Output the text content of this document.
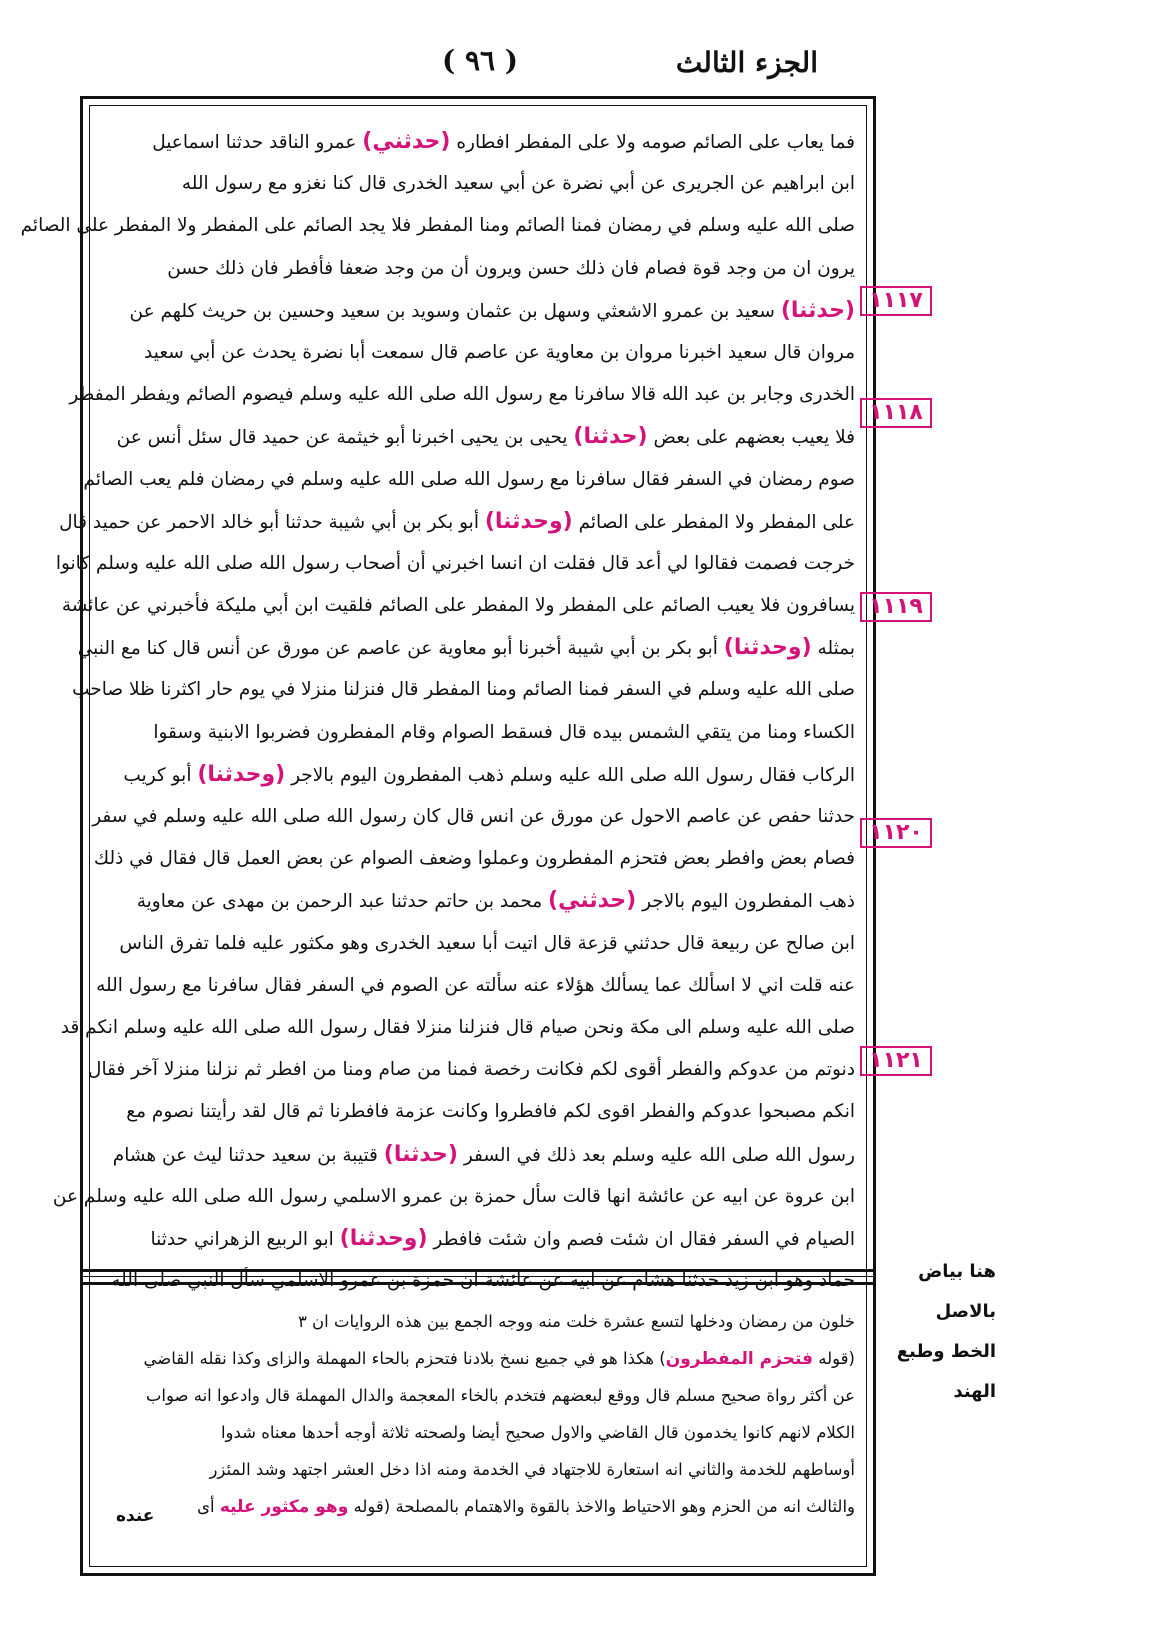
الجزء الثالث
( ٩٦ )
فما يعاب على الصائم صومه ولا على المفطر افطاره (حدثني) عمرو الناقد حدثنا اسماعيل
ابن ابراهيم عن الجريرى عن أبي نضرة عن أبي سعيد الخدرى قال كنا نغزو مع رسول الله
صلى الله عليه وسلم في رمضان فمنا الصائم ومنا المفطر فلا يجد الصائم على المفطر ولا المفطر على الصائم
يرون ان من وجد قوة فصام فان ذلك حسن ويرون أن من وجد ضعفا فأفطر فان ذلك حسن
(حدثنا) سعيد بن عمرو الاشعثي وسهل بن عثمان وسويد بن سعيد وحسين بن حريث كلهم عن
مروان قال سعيد اخبرنا مروان بن معاوية عن عاصم قال سمعت أبا نضرة يحدث عن أبي سعيد
الخدرى وجابر بن عبد الله قالا سافرنا مع رسول الله صلى الله عليه وسلم فيصوم الصائم ويفطر المفطر
فلا يعيب بعضهم على بعض (حدثنا) يحيى بن يحيى اخبرنا أبو خيثمة عن حميد قال سئل أنس عن
صوم رمضان في السفر فقال سافرنا مع رسول الله صلى الله عليه وسلم في رمضان فلم يعب الصائم
على المفطر ولا المفطر على الصائم (وحدثنا) أبو بكر بن أبي شيبة حدثنا أبو خالد الاحمر عن حميد قال
خرجت فصمت فقالوا لي أعد قال فقلت ان انسا اخبرني أن أصحاب رسول الله صلى الله عليه وسلم كانوا
يسافرون فلا يعيب الصائم على المفطر ولا المفطر على الصائم فلقيت ابن أبي مليكة فأخبرني عن عائشة
بمثله (وحدثنا) أبو بكر بن أبي شيبة أخبرنا أبو معاوية عن عاصم عن مورق عن أنس قال كنا مع النبي
صلى الله عليه وسلم في السفر فمنا الصائم ومنا المفطر قال فنزلنا منزلا في يوم حار اكثرنا ظلا صاحب
الكساء ومنا من يتقي الشمس بيده قال فسقط الصوام وقام المفطرون فضربوا الابنية وسقوا
الركاب فقال رسول الله صلى الله عليه وسلم ذهب المفطرون اليوم بالاجر (وحدثنا) أبو كريب
حدثنا حفص عن عاصم الاحول عن مورق عن انس قال كان رسول الله صلى الله عليه وسلم في سفر
فصام بعض وافطر بعض فتحزم المفطرون وعملوا وضعف الصوام عن بعض العمل قال فقال في ذلك
ذهب المفطرون اليوم بالاجر (حدثني) محمد بن حاتم حدثنا عبد الرحمن بن مهدى عن معاوية
ابن صالح عن ربيعة قال حدثني قزعة قال اتيت أبا سعيد الخدرى وهو مكثور عليه فلما تفرق الناس
عنه قلت اني لا اسألك عما يسألك هؤلاء عنه سألته عن الصوم في السفر فقال سافرنا مع رسول الله
صلى الله عليه وسلم الى مكة ونحن صيام قال فنزلنا منزلا فقال رسول الله صلى الله عليه وسلم انكم قد
دنوتم من عدوكم والفطر أقوى لكم فكانت رخصة فمنا من صام ومنا من افطر ثم نزلنا منزلا آخر فقال
انكم مصبحوا عدوكم والفطر اقوى لكم فافطروا وكانت عزمة فافطرنا ثم قال لقد رأيتنا نصوم مع
رسول الله صلى الله عليه وسلم بعد ذلك في السفر (حدثنا) قتيبة بن سعيد حدثنا ليث عن هشام
ابن عروة عن ابيه عن عائشة انها قالت سأل حمزة بن عمرو الاسلمي رسول الله صلى الله عليه وسلم عن
الصيام في السفر فقال ان شئت فصم وان شئت فافطر (وحدثنا) ابو الربيع الزهراني حدثنا
حماد وهو ابن زيد حدثنا هشام عن ابيه عن عائشة ان حمزة بن عمرو الاسلمي سأل النبي صلى الله
خلون من رمضان ودخلها لتسع عشرة خلت منه ووجه الجمع بين هذه الروايات ان ٣
(قوله فتحزم المفطرون) هكذا هو في جميع نسخ بلادنا فتحزم بالحاء المهملة والزاى وكذا نقله القاضي
عن أكثر رواة صحيح مسلم قال ووقع لبعضهم فتخدم بالخاء المعجمة والدال المهملة قال وادعوا انه صواب
الكلام لانهم كانوا يخدمون قال القاضي والاول صحيح أيضا ولصحته ثلاثة أوجه أحدها معناه شدوا
أوساطهم للخدمة والثاني انه استعارة للاجتهاد في الخدمة ومنه اذا دخل العشر اجتهد وشد المئزر
والثالث انه من الحزم وهو الاحتياط والاخذ بالقوة والاهتمام بالمصلحة (قوله وهو مكثور عليه أى
١١١٧
١١١٨
١١١٩
١١٢٠
١١٢١
هنا بياض بالاصل
الخط وطبع الهند
عنده
